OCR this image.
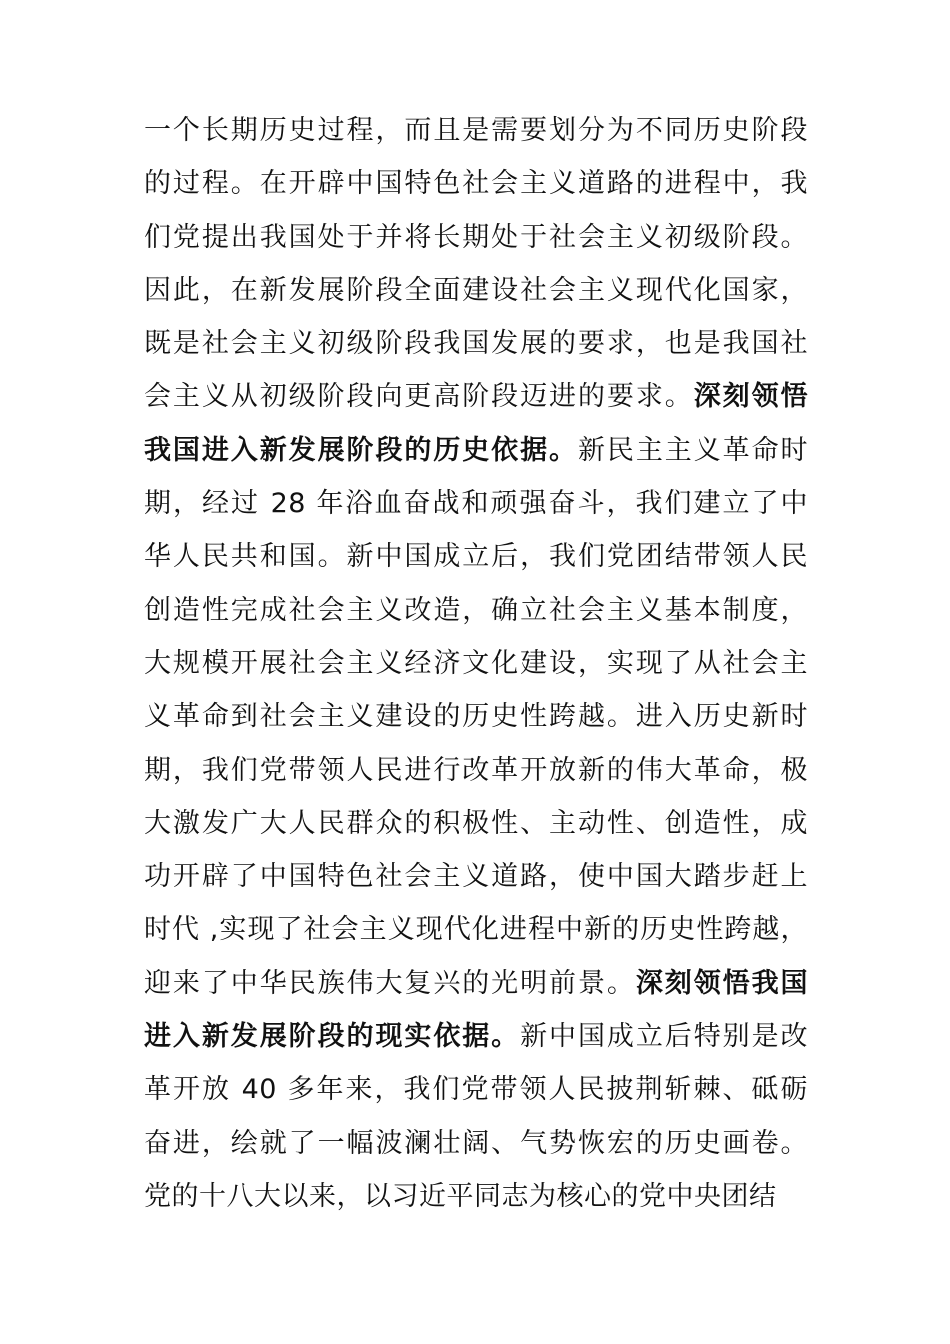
一个长期历史过程，而且是需要划分为不同历史阶段
的过程。在开辟中国特色社会主义道路的进程中，我
们党提出我国处于并将长期处于社会主义初级阶段。
因此，在新发展阶段全面建设社会主义现代化国家，
既是社会主义初级阶段我国发展的要求，也是我国社
会主义从初级阶段向更高阶段迈进的要求。深刻领悟
我国进入新发展阶段的历史依据。新民主主义革命时
期，经过 28 年浴血奋战和顽强奋斗，我们建立了中
华人民共和国。新中国成立后，我们党团结带领人民
创造性完成社会主义改造，确立社会主义基本制度，
大规模开展社会主义经济文化建设，实现了从社会主
义革命到社会主义建设的历史性跨越。进入历史新时
期，我们党带领人民进行改革开放新的伟大革命，极
大激发广大人民群众的积极性、主动性、创造性，成
功开辟了中国特色社会主义道路，使中国大踏步赶上
时代 ,实现了社会主义现代化进程中新的历史性跨越，
迎来了中华民族伟大复兴的光明前景。深刻领悟我国
进入新发展阶段的现实依据。新中国成立后特别是改
革开放 40 多年来，我们党带领人民披荆斩棘、砥砺
奋进，绘就了一幅波澜壮阔、气势恢宏的历史画卷。
党的十八大以来，以习近平同志为核心的党中央团结
